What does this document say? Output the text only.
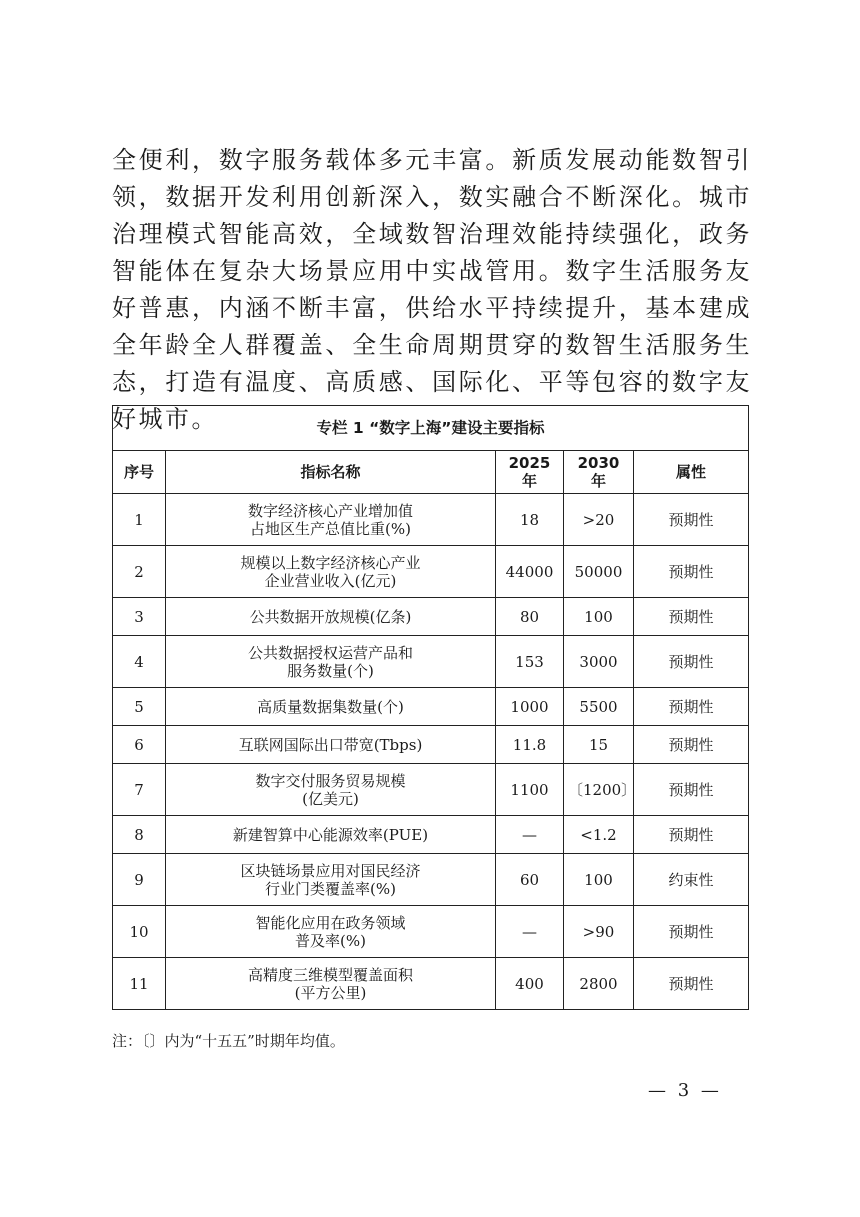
全便利，数字服务载体多元丰富。新质发展动能数智引领，数据开发利用创新深入，数实融合不断深化。城市治理模式智能高效，全域数智治理效能持续强化，政务智能体在复杂大场景应用中实战管用。数字生活服务友好普惠，内涵不断丰富，供给水平持续提升，基本建成全年龄全人群覆盖、全生命周期贯穿的数智生活服务生态，打造有温度、高质感、国际化、平等包容的数字友好城市。	专栏 1 “数字上海”建设主要指标				
序号	指标名称	2025 年	2030 年	属性
1	数字经济核心产业增加值
占地区生产总值比重(%)	18	>20	预期性
2	规模以上数字经济核心产业
企业营业收入(亿元)	44000	50000	预期性
3	公共数据开放规模(亿条)	80	100	预期性
4	公共数据授权运营产品和
服务数量(个)	153	3000	预期性
5	高质量数据集数量(个)	1000	5500	预期性
6	互联网国际出口带宽(Tbps)	11.8	15	预期性
7	数字交付服务贸易规模
(亿美元)	1100	〔1200〕	预期性
8	新建智算中心能源效率(PUE)	—	<1.2	预期性
9	区块链场景应用对国民经济
行业门类覆盖率(%)	60	100	约束性
10	智能化应用在政务领域
普及率(%)	—	>90	预期性
11	高精度三维模型覆盖面积
(平方公里)	400	2800	预期性
注：〔〕内为“十五五”时期年均值。
— 3 —
